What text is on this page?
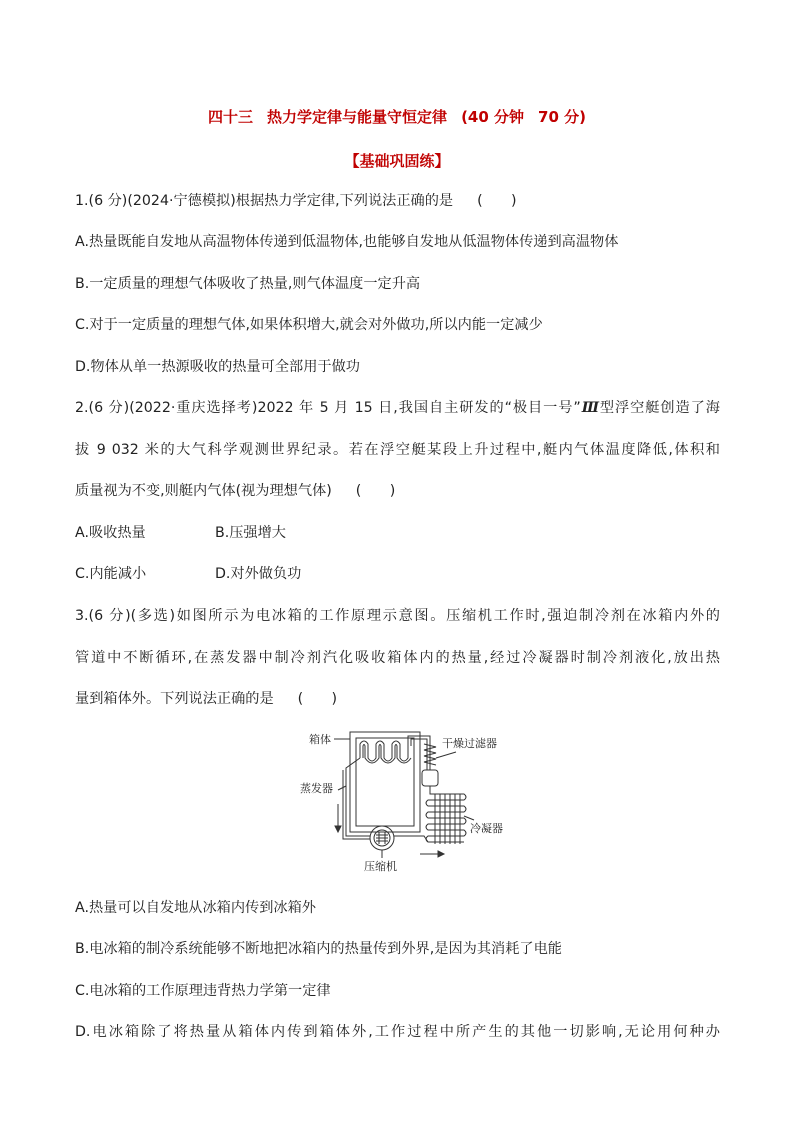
四十三 热力学定律与能量守恒定律 (40 分钟 70 分)
【基础巩固练】
1.(6 分)(2024·宁德模拟)根据热力学定律,下列说法正确的是 (　　)
A.热量既能自发地从高温物体传递到低温物体,也能够自发地从低温物体传递到高温物体
B.一定质量的理想气体吸收了热量,则气体温度一定升高
C.对于一定质量的理想气体,如果体积增大,就会对外做功,所以内能一定减少
D.物体从单一热源吸收的热量可全部用于做功
2.(6 分)(2022·重庆选择考)2022 年 5 月 15 日,我国自主研发的“极目一号”Ⅲ型浮空艇创造了海
拔 9 032 米的大气科学观测世界纪录。若在浮空艇某段上升过程中,艇内气体温度降低,体积和
质量视为不变,则艇内气体(视为理想气体) (　　)
A.吸收热量	B.压强增大
C.内能减小	D.对外做负功
3.(6 分)(多选)如图所示为电冰箱的工作原理示意图。压缩机工作时,强迫制冷剂在冰箱内外的
管道中不断循环,在蒸发器中制冷剂汽化吸收箱体内的热量,经过冷凝器时制冷剂液化,放出热
量到箱体外。下列说法正确的是 (　　)
箱体	干燥过滤器
蒸发器
冷凝器
压缩机
A.热量可以自发地从冰箱内传到冰箱外
B.电冰箱的制冷系统能够不断地把冰箱内的热量传到外界,是因为其消耗了电能
C.电冰箱的工作原理违背热力学第一定律
D.电冰箱除了将热量从箱体内传到箱体外,工作过程中所产生的其他一切影响,无论用何种办
